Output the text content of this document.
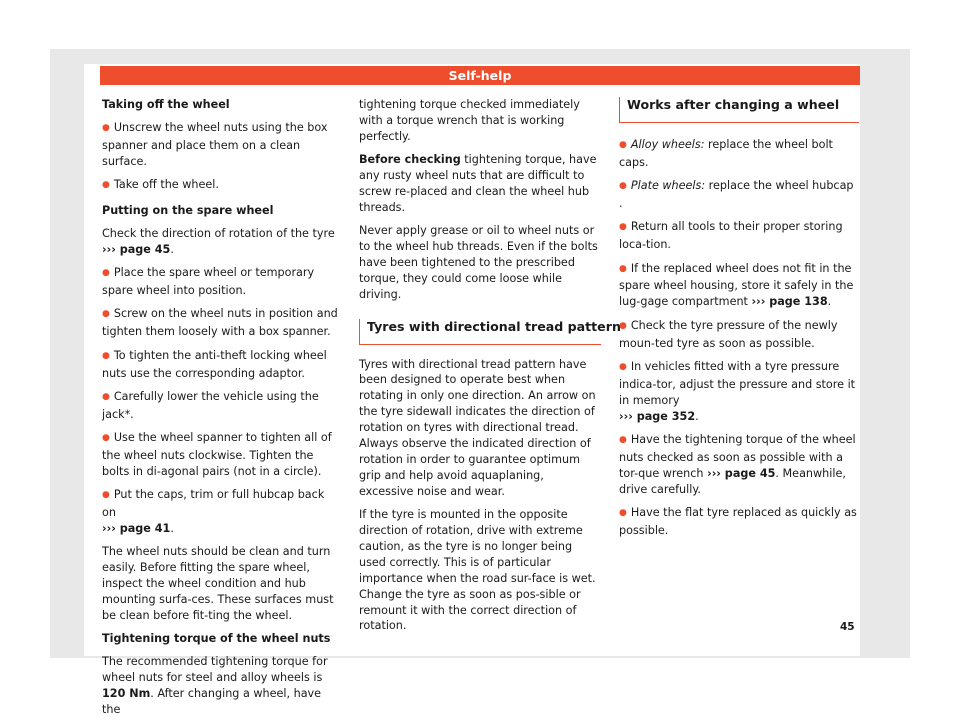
Self-help

Taking off the wheel

● Unscrew the wheel nuts using the box spanner and place them on a clean surface.

● Take off the wheel.

Putting on the spare wheel

Check the direction of rotation of the tyre
››› page 45.

● Place the spare wheel or temporary spare wheel into position.

● Screw on the wheel nuts in position and tighten them loosely with a box spanner.

● To tighten the anti-theft locking wheel nuts use the corresponding adaptor.

● Carefully lower the vehicle using the jack*.

● Use the wheel spanner to tighten all of the wheel nuts clockwise. Tighten the bolts in di-agonal pairs (not in a circle).

● Put the caps, trim or full hubcap back on
››› page 41.

The wheel nuts should be clean and turn easily. Before fitting the spare wheel, inspect the wheel condition and hub mounting surfa-ces. These surfaces must be clean before fit-ting the wheel.

Tightening torque of the wheel nuts

The recommended tightening torque for wheel nuts for steel and alloy wheels is
120 Nm. After changing a wheel, have the

tightening torque checked immediately with a torque wrench that is working perfectly.

Before checking tightening torque, have any rusty wheel nuts that are difficult to screw re-placed and clean the wheel hub threads.

Never apply grease or oil to wheel nuts or to the wheel hub threads. Even if the bolts have been tightened to the prescribed torque, they could come loose while driving.

Tyres with directional tread pattern

Tyres with directional tread pattern have been designed to operate best when rotating in only one direction. An arrow on the tyre sidewall indicates the direction of rotation on tyres with directional tread. Always observe the indicated direction of rotation in order to guarantee optimum grip and help avoid aquaplaning, excessive noise and wear.

If the tyre is mounted in the opposite direction of rotation, drive with extreme caution, as the tyre is no longer being used correctly. This is of particular importance when the road sur-face is wet. Change the tyre as soon as pos-sible or remount it with the correct direction of rotation.

Works after changing a wheel

● Alloy wheels: replace the wheel bolt caps.

● Plate wheels: replace the wheel hubcap .

● Return all tools to their proper storing loca-tion.

● If the replaced wheel does not fit in the spare wheel housing, store it safely in the lug-gage compartment ››› page 138.

● Check the tyre pressure of the newly moun-ted tyre as soon as possible.

● In vehicles fitted with a tyre pressure indica-tor, adjust the pressure and store it in memory
››› page 352.

● Have the tightening torque of the wheel nuts checked as soon as possible with a tor-que wrench ››› page 45. Meanwhile, drive carefully.

● Have the flat tyre replaced as quickly as possible.

45
